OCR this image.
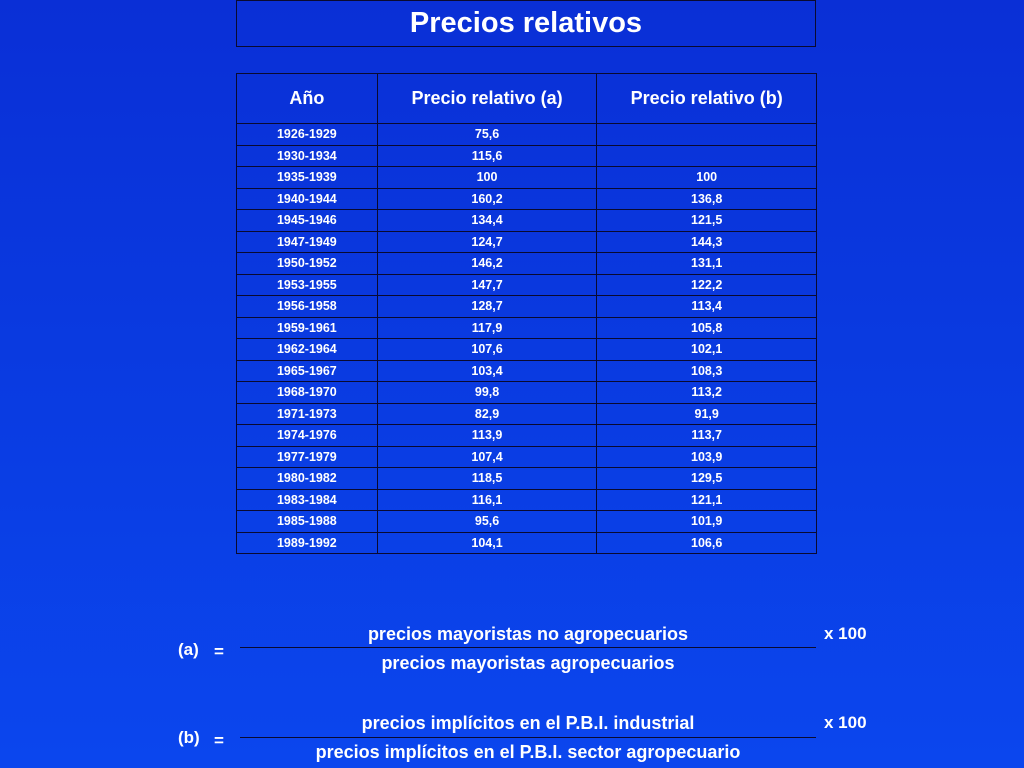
Precios relativos
Año	Precio relativo (a)	Precio relativo (b)
1926-1929	75,6	
1930-1934	115,6	
1935-1939	100	100
1940-1944	160,2	136,8
1945-1946	134,4	121,5
1947-1949	124,7	144,3
1950-1952	146,2	131,1
1953-1955	147,7	122,2
1956-1958	128,7	113,4
1959-1961	117,9	105,8
1962-1964	107,6	102,1
1965-1967	103,4	108,3
1968-1970	99,8	113,2
1971-1973	82,9	91,9
1974-1976	113,9	113,7
1977-1979	107,4	103,9
1980-1982	118,5	129,5
1983-1984	116,1	121,1
1985-1988	95,6	101,9
1989-1992	104,1	106,6
precios mayoristas no agropecuarios	x 100
(a) =
precios mayoristas agropecuarios
precios implícitos en el P.B.I. industrial	x 100
(b) =
precios implícitos en el P.B.I. sector agropecuario
